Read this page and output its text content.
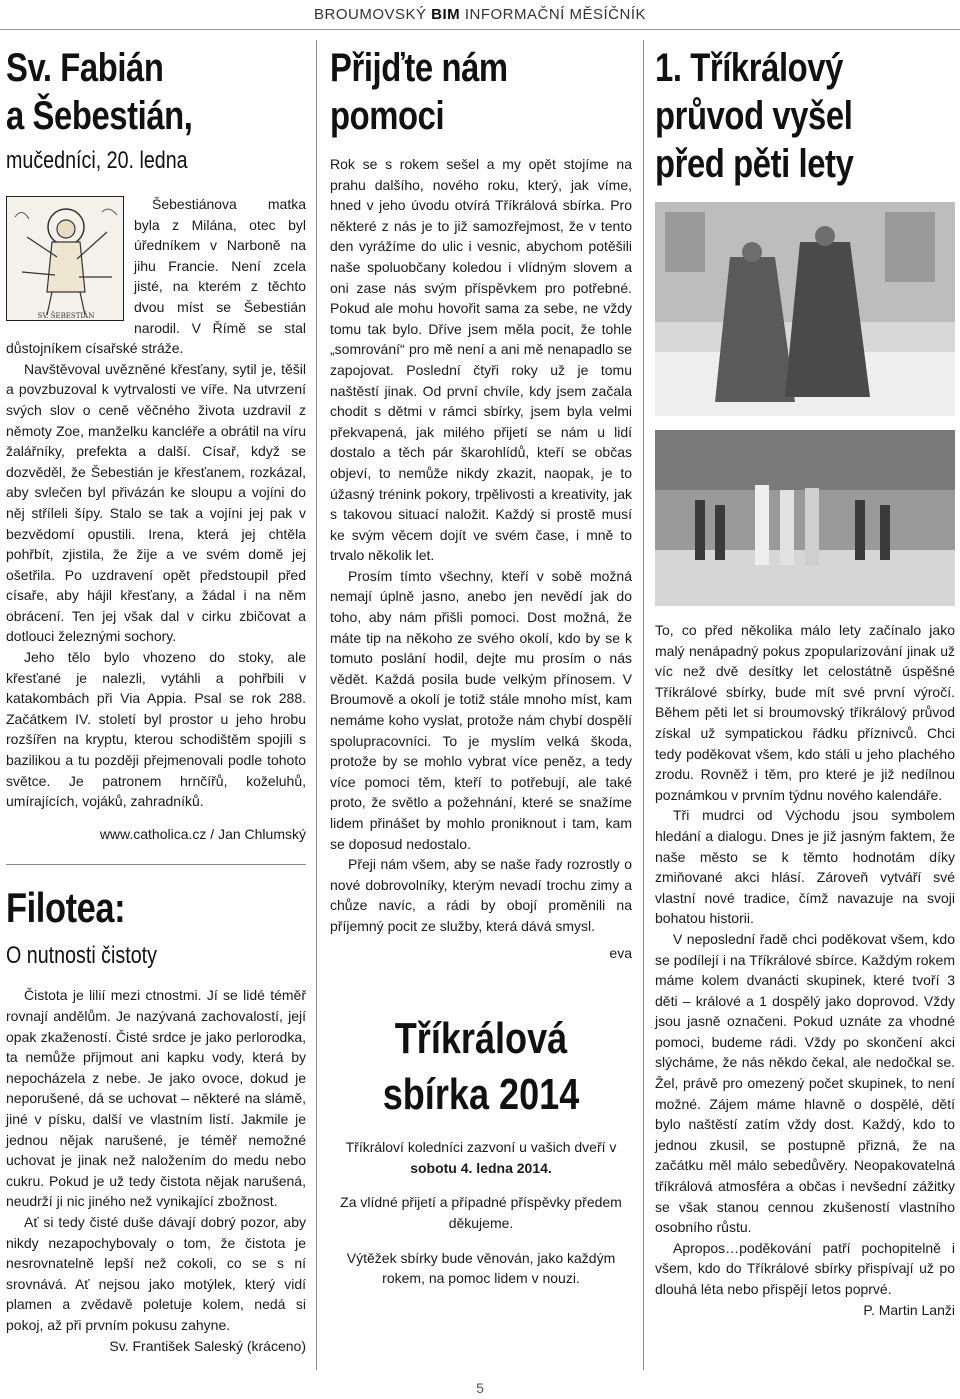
BROUMOVSKÝ BIM INFORMAČNÍ MĚSÍČNÍK
Sv. Fabián
a Šebestián,
mučedníci, 20. ledna
SV. ŠEBESTIÁN

Šebestiánova matka byla z Milána, otec byl úředníkem v Narboně na jihu Francie. Není zcela jisté, na kterém z těchto dvou míst se Šebestián narodil. V Římě se stal důstojníkem císařské stráže.

Navštěvoval uvězněné křesťany, sytil je, těšil a povzbuzoval k vytrvalosti ve víře. Na utvrzení svých slov o ceně věčného života uzdravil z němoty Zoe, manželku kancléře a obrátil na víru žalářníky, prefekta a další. Císař, když se dozvěděl, že Šebestián je křesťanem, rozkázal, aby svlečen byl přivázán ke sloupu a vojíni do něj stříleli šípy. Stalo se tak a vojíni jej pak v bezvědomí opustili. Irena, která jej chtěla pohřbít, zjistila, že žije a ve svém domě jej ošetřila. Po uzdravení opět předstoupil před císaře, aby hájil křesťany, a žádal i na něm obrácení. Ten jej však dal v cirku zbičovat a dotlouci železnými sochory.

Jeho tělo bylo vhozeno do stoky, ale křesťané je nalezli, vytáhli a pohřbili v katakombách při Via Appia. Psal se rok 288. Začátkem IV. století byl prostor u jeho hrobu rozšířen na kryptu, kterou schodištěm spojili s bazilikou a tu později přejmenovali podle tohoto světce. Je patronem hrnčířů, koželuhů, umírajících, vojáků, zahradníků.

www.catholica.cz / Jan Chlumský

Filotea:
O nutnosti čistoty

Čistota je lilií mezi ctnostmi. Jí se lidé téměř rovnají andělům. Je nazývaná zachovalostí, její opak zkažeností. Čisté srdce je jako perlorodka, ta nemůže přijmout ani kapku vody, která by nepocházela z nebe. Je jako ovoce, dokud je neporušené, dá se uchovat – některé na slámě, jiné v písku, další ve vlastním listí. Jakmile je jednou nějak narušené, je téměř nemožné uchovat je jinak než naložením do medu nebo cukru. Pokud je už tedy čistota nějak narušená, neudrží ji nic jiného než vynikající zbožnost.

Ať si tedy čisté duše dávají dobrý pozor, aby nikdy nezapochybovaly o tom, že čistota je nesrovnatelně lepší než cokoli, co se s ní srovnává. Ať nejsou jako motýlek, který vidí plamen a zvědavě poletuje kolem, nedá si pokoj, až při prvním pokusu zahyne.

Sv. František Saleský (kráceno)

Přijďte nám
pomoci

Rok se s rokem sešel a my opět stojíme na prahu dalšího, nového roku, který, jak víme, hned v jeho úvodu otvírá Tříkrálová sbírka. Pro některé z nás je to již samozřejmost, že v tento den vyrážíme do ulic i vesnic, abychom potěšili naše spoluobčany koledou i vlídným slovem a oni zase nás svým příspěvkem pro potřebné. Pokud ale mohu hovořit sama za sebe, ne vždy tomu tak bylo. Dříve jsem měla pocit, že tohle „somrování“ pro mě není a ani mě nenapadlo se zapojovat. Poslední čtyři roky už je tomu naštěstí jinak. Od první chvíle, kdy jsem začala chodit s dětmi v rámci sbírky, jsem byla velmi překvapená, jak milého přijetí se nám u lidí dostalo a těch pár škarohlídů, kteří se občas objeví, to nemůže nikdy zkazit, naopak, je to úžasný trénink pokory, trpělivosti a kreativity, jak s takovou situací naložit. Každý si prostě musí ke svým věcem dojít ve svém čase, i mně to trvalo několik let.

Prosím tímto všechny, kteří v sobě možná nemají úplně jasno, anebo jen nevědí jak do toho, aby nám přišli pomoci. Dost možná, že máte tip na někoho ze svého okolí, kdo by se k tomuto poslání hodil, dejte mu prosím o nás vědět. Každá posila bude velkým přínosem. V Broumově a okolí je totiž stále mnoho míst, kam nemáme koho vyslat, protože nám chybí dospělí spolupracovníci. To je myslím velká škoda, protože by se mohlo vybrat více peněz, a tedy více pomoci těm, kteří to potřebují, ale také proto, že světlo a požehnání, které se snažíme lidem přinášet by mohlo proniknout i tam, kam se doposud nedostalo.

Přeji nám všem, aby se naše řady rozrostly o nové dobrovolníky, kterým nevadí trochu zimy a chůze navíc, a rádi by obojí proměnili na příjemný pocit ze služby, která dává smysl.

eva

Tříkrálová
sbírka 2014
Tříkráloví koledníci zazvoní u vašich dveří v
sobotu 4. ledna 2014.
Za vlídné přijetí a případné příspěvky předem děkujeme.
Výtěžek sbírky bude věnován, jako každým rokem, na pomoc lidem v nouzi.
1. Tříkrálový
průvod vyšel
před pěti lety

To, co před několika málo lety začínalo jako malý nenápadný pokus zpopularizování jinak už víc než dvě desítky let celostátně úspěšné Tříkrálové sbírky, bude mít své první výročí. Během pěti let si broumovský tříkrálový průvod získal už sympatickou řádku příznivců. Chci tedy poděkovat všem, kdo stáli u jeho plachého zrodu. Rovněž i těm, pro které je již nedílnou poznámkou v prvním týdnu nového kalendáře.

Tři mudrci od Východu jsou symbolem hledání a dialogu. Dnes je již jasným faktem, že naše město se k těmto hodnotám díky zmiňované akci hlásí. Zároveň vytváří své vlastní nové tradice, čímž navazuje na svoji bohatou historii.

V neposlední řadě chci poděkovat všem, kdo se podílejí i na Tříkrálové sbírce. Každým rokem máme kolem dvanácti skupinek, které tvoří 3 děti – králové a 1 dospělý jako doprovod. Vždy jsou jasně označeni. Pokud uznáte za vhodné pomoci, budeme rádi. Vždy po skončení akci slýcháme, že nás někdo čekal, ale nedočkal se. Žel, právě pro omezený počet skupinek, to není možné. Zájem máme hlavně o dospělé, dětí bylo naštěstí zatím vždy dost. Každý, kdo to jednou zkusil, se postupně přizná, že na začátku měl málo sebedůvěry. Neopakovatelná tříkrálová atmosféra a občas i nevšední zážitky se však stanou cennou zkušeností vlastního osobního růstu.

Apropos…poděkování patří pochopitelně i všem, kdo do Tříkrálové sbírky přispívají už po dlouhá léta nebo přispějí letos poprvé.

P. Martin Lanži

5
